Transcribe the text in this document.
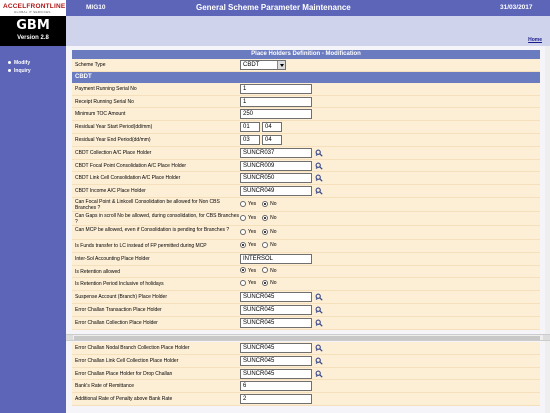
MIG10	General Scheme Parameter Maintenance	31/03/2017
ACCELFRONTLINE
GLOBAL IT SERVICES
GBM
Version 2.8	Home
Modify
Inquiry
Place Holders Definition - Modification
Scheme Type	CBDT
CBDT
Payment Running Serial No	1
Receipt Running Serial No	1
Minimum TOC Amount	250
Residual Year Start Period(dd/mm)	01	04
Residual Year End Period(dd/mm)	03	04
CBDT Collection A/C Place Holder	SUNCR037
CBDT Focal Point Consolidation A/C Place Holder	SUNCR009
CBDT Link Cell Consolidation A/C Place Holder	SUNCR050
CBDT Income A/C Place Holder	SUNCR049
Can Focal Point & Linkcell Consolidation be allowed for Non CBS Branches ?
Yes	No
Can Gaps in scroll No be allowed, during consolidation, for CBS Branches ?
Yes	No
Can MCP be allowed, even if Consolidation is pending for Branches ?	Yes	No
Is Funds transfer to LC instead of FP permitted during MCP	Yes	No
Inter-Sol Accounting Place Holder	INTERSOL
Is Retention allowed	Yes	No
Is Retention Period Inclusive of holidays	Yes	No
Suspense Account (Branch) Place Holder	SUNCR045
Error Challan Transaction Place Holder	SUNCR045
Error Challan Collection Place Holder	SUNCR045
Error Challan Nodal Branch Collection Place Holder	SUNCR045
Error Challan Link Cell Collection Place Holder	SUNCR045
Error Challan Place Holder for Drop Challan	SUNCR045
Bank's Rate of Remittance	6
Additional Rate of Penalty above Bank Rate	2
